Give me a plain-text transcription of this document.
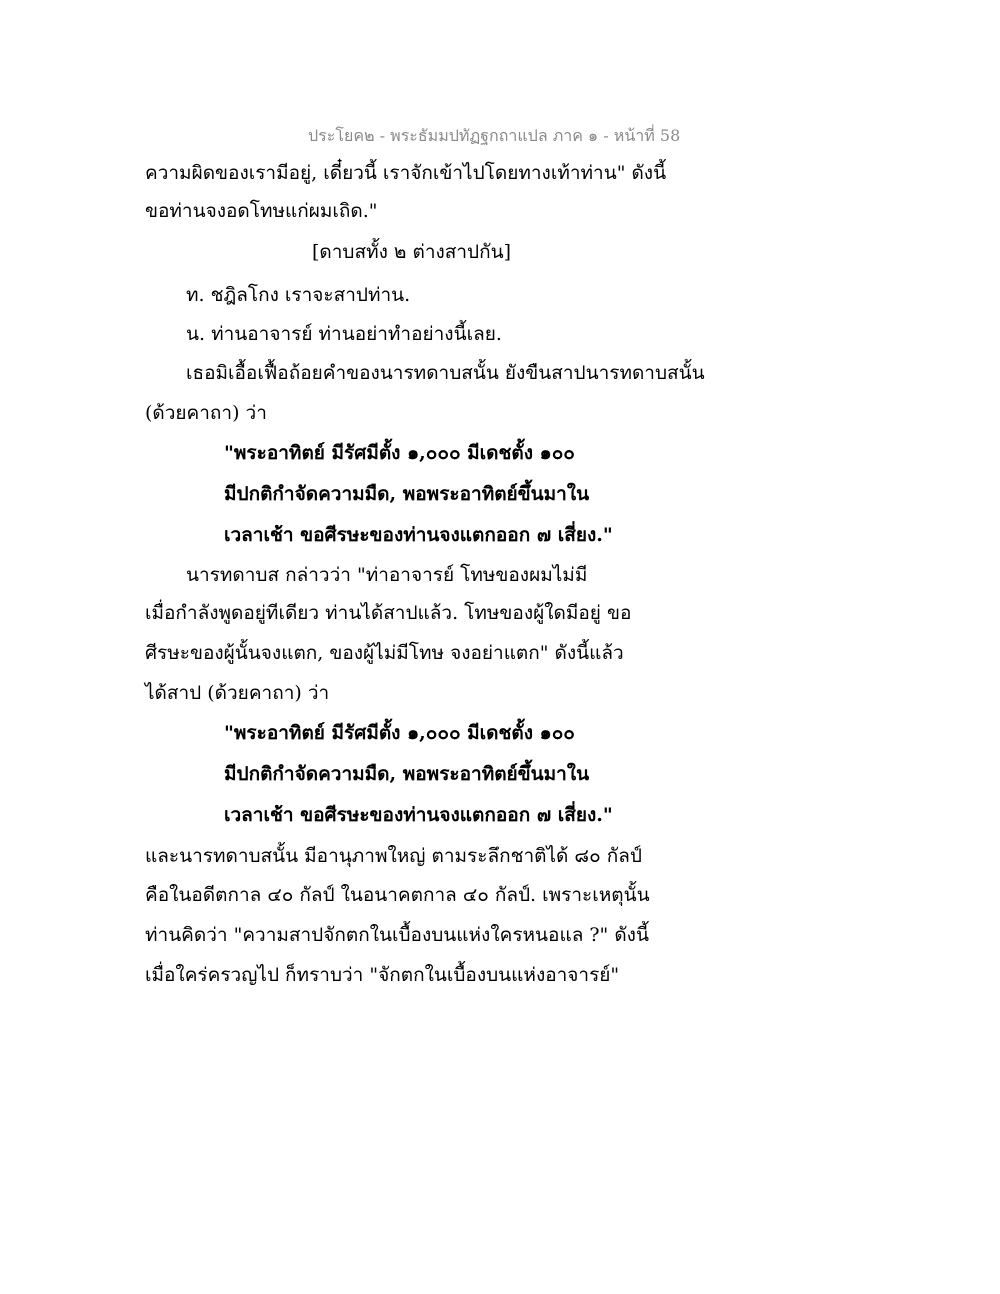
ประโยค๒ - พระธัมมปทัฏฐกถาแปล ภาค ๑ - หน้าที่ 58
ความผิดของเรามีอยู่, เดี๋ยวนี้ เราจักเข้าไปโดยทางเท้าท่าน" ดังนี้
ขอท่านจงอดโทษแก่ผมเถิด."
[ดาบสทั้ง ๒ ต่างสาปกัน]
ท. ชฎิลโกง เราจะสาปท่าน.
น. ท่านอาจารย์ ท่านอย่าทำอย่างนี้เลย.
เธอมิเอื้อเฟื้อถ้อยคำของนารทดาบสนั้น ยังขืนสาปนารทดาบสนั้น
(ด้วยคาถา) ว่า
"พระอาทิตย์ มีรัศมีตั้ง ๑,๐๐๐ มีเดชตั้ง ๑๐๐
มีปกติกำจัดความมืด, พอพระอาทิตย์ขึ้นมาใน
เวลาเช้า ขอศีรษะของท่านจงแตกออก ๗ เสี่ยง."
นารทดาบส กล่าวว่า "ท่าอาจารย์ โทษของผมไม่มี
เมื่อกำลังพูดอยู่ทีเดียว ท่านได้สาปแล้ว. โทษของผู้ใดมีอยู่ ขอ
ศีรษะของผู้นั้นจงแตก, ของผู้ไม่มีโทษ จงอย่าแตก" ดังนี้แล้ว
ได้สาป (ด้วยคาถา) ว่า
"พระอาทิตย์ มีรัศมีตั้ง ๑,๐๐๐ มีเดชตั้ง ๑๐๐
มีปกติกำจัดความมืด, พอพระอาทิตย์ขึ้นมาใน
เวลาเช้า ขอศีรษะของท่านจงแตกออก ๗ เสี่ยง."
และนารทดาบสนั้น มีอานุภาพใหญ่ ตามระลึกชาติได้ ๘๐ กัลป์
คือในอดีตกาล ๔๐ กัลป์ ในอนาคตกาล ๔๐ กัลป์. เพราะเหตุนั้น
ท่านคิดว่า "ความสาปจักตกในเบื้องบนแห่งใครหนอแล ?" ดังนี้
เมื่อใคร่ครวญไป ก็ทราบว่า "จักตกในเบื้องบนแห่งอาจารย์"
